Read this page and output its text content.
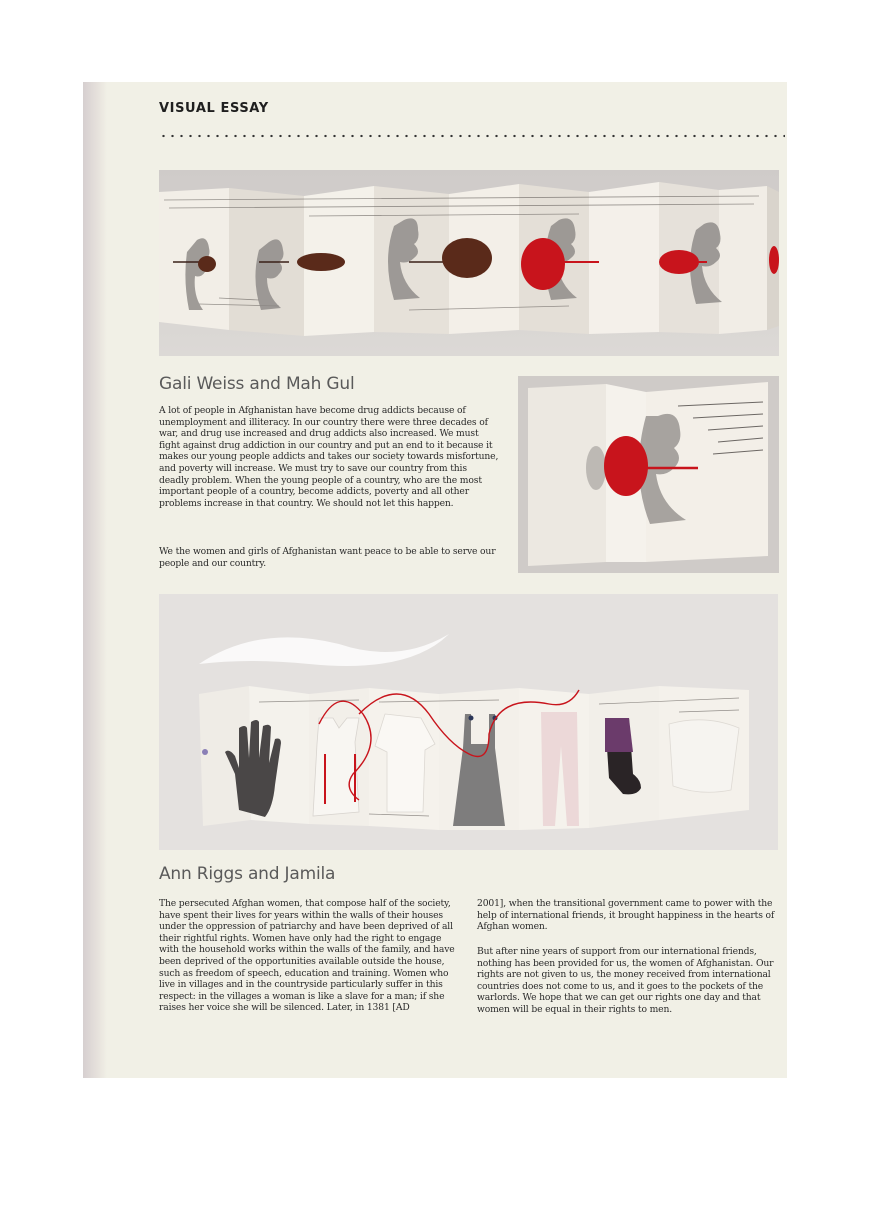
VISUAL ESSAY
Gali Weiss and Mah Gul

A lot of people in Afghanistan have become drug addicts because of unemployment and illiteracy. In our country there were three decades of war, and drug use increased and drug addicts also increased. We must fight against drug addiction in our country and put an end to it because it makes our young people addicts and takes our society towards misfortune, and poverty will increase. We must try to save our country from this deadly problem. When the young people of a country, who are the most important people of a country, become addicts, poverty and all other problems increase in that country. We should not let this happen.

We the women and girls of Afghanistan want peace to be able to serve our people and our country.

Ann Riggs and Jamila

The persecuted Afghan women, that compose half of the society, have spent their lives for years within the walls of their houses under the oppression of patriarchy and have been deprived of all their rightful rights. Women have only had the right to engage with the household works within the walls of the family, and have been deprived of the opportunities available outside the house, such as freedom of speech, education and training. Women who live in villages and in the countryside particularly suffer in this respect: in the villages a woman is like a slave for a man; if she raises her voice she will be silenced. Later, in 1381 [AD

2001], when the transitional government came to power with the help of international friends, it brought happiness in the hearts of Afghan women.

But after nine years of support from our international friends, nothing has been provided for us, the women of Afghanistan. Our rights are not given to us, the money received from international countries does not come to us, and it goes to the pockets of the warlords. We hope that we can get our rights one day and that women will be equal in their rights to men.
